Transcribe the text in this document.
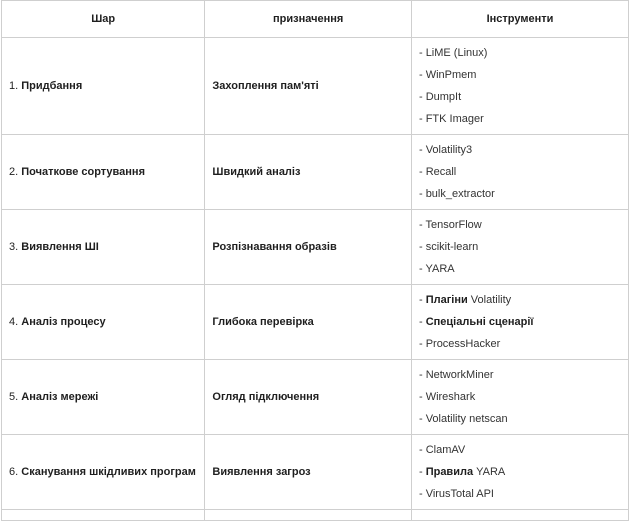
Шар	призначення	Інструменти
1. Придбання	Захоплення пам'яті	- LiME (Linux)
- WinPmem
- DumpIt
- FTK Imager

2. Початкове сортування	Швидкий аналіз	- Volatility3
- Recall
- bulk_extractor

3. Виявлення ШІ	Розпізнавання образів	- TensorFlow
- scikit-learn
- YARA

4. Аналіз процесу	Глибока перевірка	- Плагіни Volatility
- Спеціальні сценарії
- ProcessHacker

5. Аналіз мережі	Огляд підключення	- NetworkMiner
- Wireshark
- Volatility netscan

6. Сканування шкідливих програм	Виявлення загроз	- ClamAV
- Правила YARA
- VirusTotal API
